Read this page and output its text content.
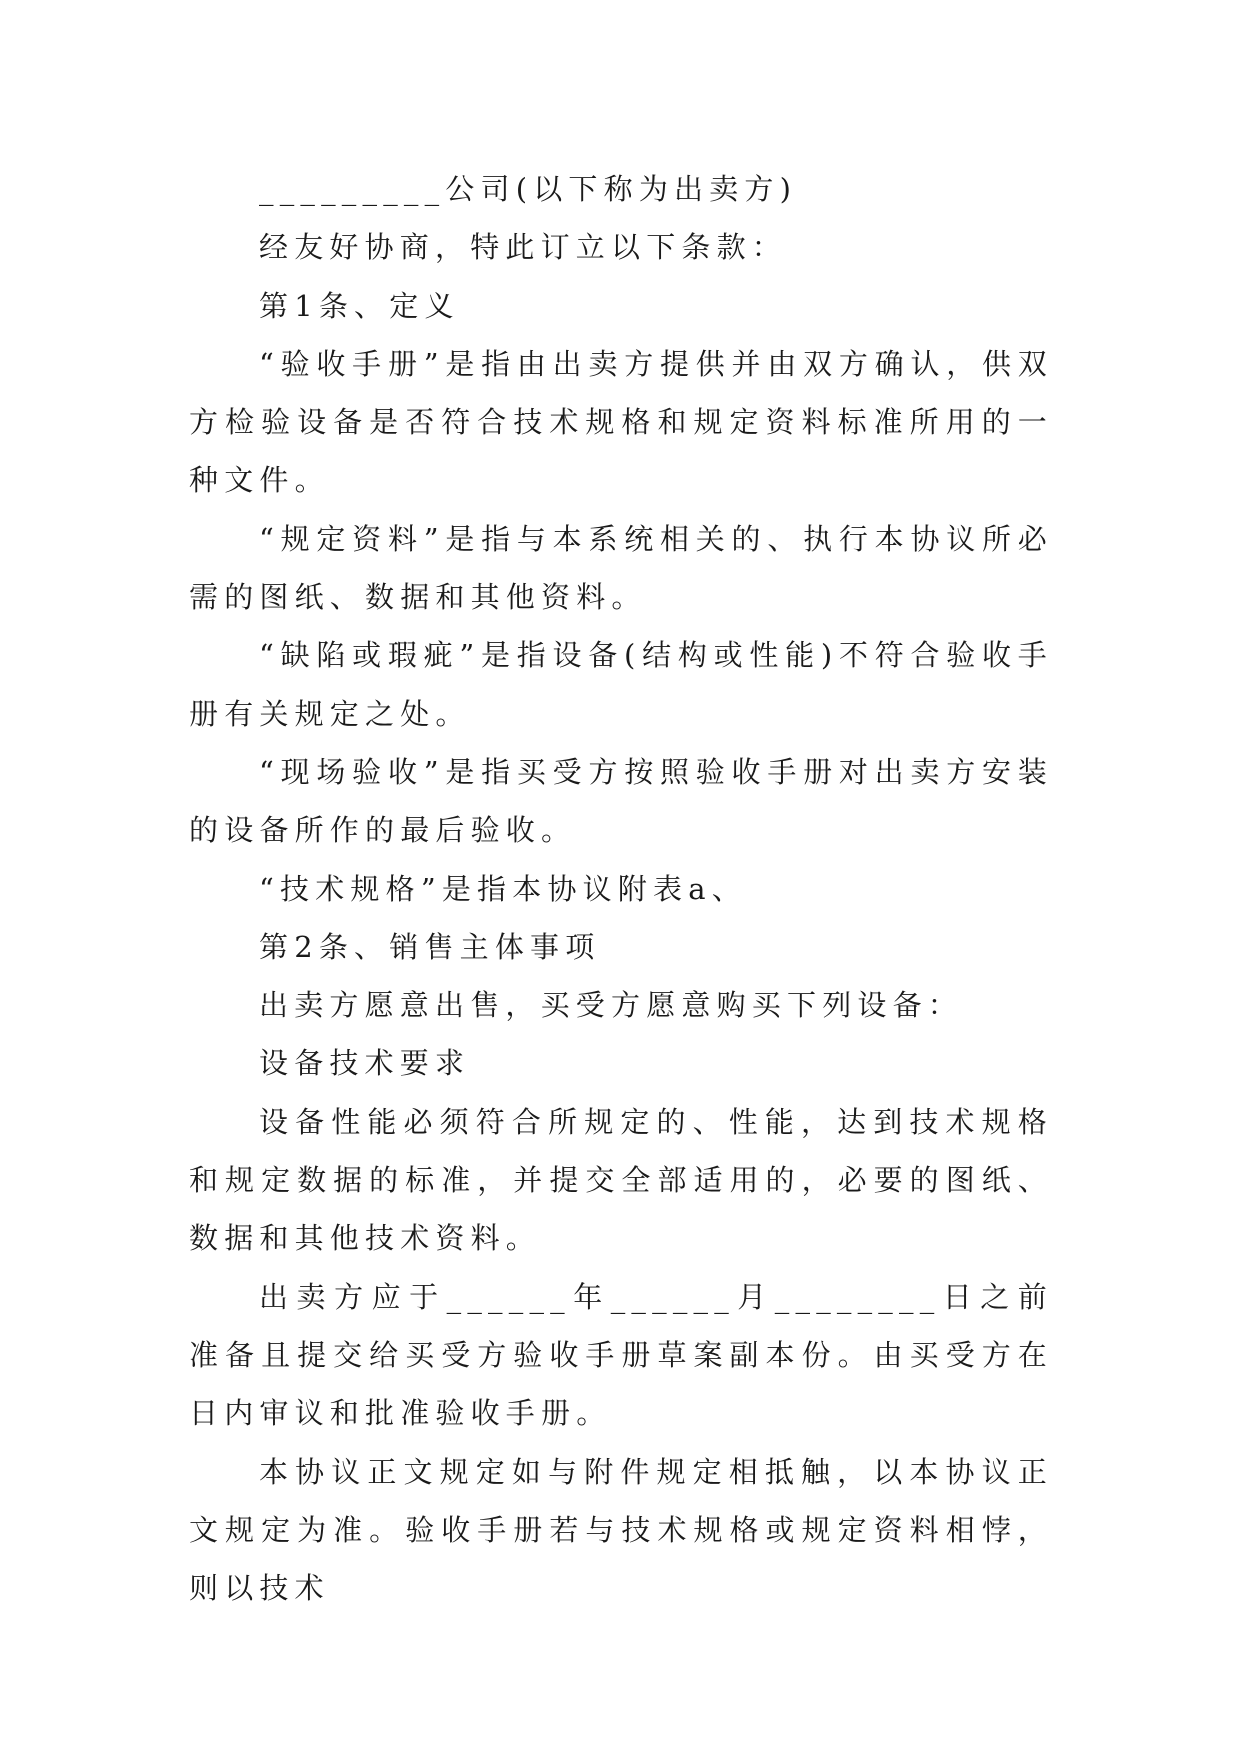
_________公司(以下称为出卖方)

经友好协商，特此订立以下条款：

第1条、定义

“验收手册”是指由出卖方提供并由双方确认，供双方检验设备是否符合技术规格和规定资料标准所用的一种文件。

“规定资料”是指与本系统相关的、执行本协议所必需的图纸、数据和其他资料。

“缺陷或瑕疵”是指设备(结构或性能)不符合验收手册有关规定之处。

“现场验收”是指买受方按照验收手册对出卖方安装的设备所作的最后验收。

“技术规格”是指本协议附表a、

第2条、销售主体事项

出卖方愿意出售，买受方愿意购买下列设备：

设备技术要求

设备性能必须符合所规定的、性能，达到技术规格和规定数据的标准，并提交全部适用的，必要的图纸、数据和其他技术资料。

出卖方应于______年______月________日之前准备且提交给买受方验收手册草案副本份。由买受方在日内审议和批准验收手册。

本协议正文规定如与附件规定相抵触，以本协议正文规定为准。验收手册若与技术规格或规定资料相悖，则以技术
